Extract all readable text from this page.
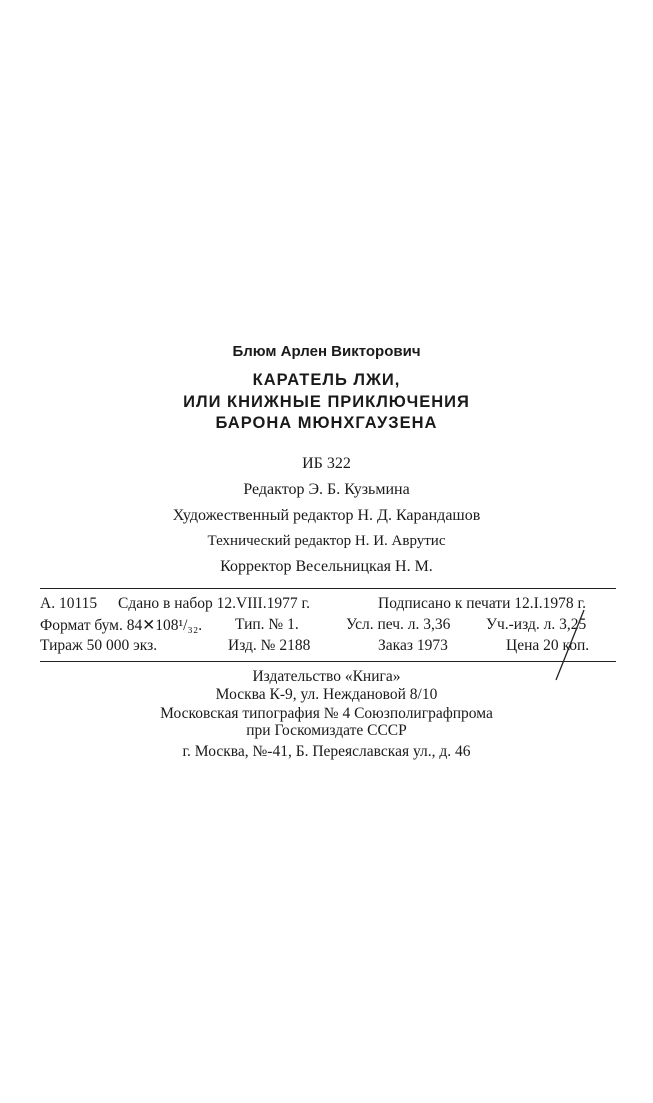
Блюм Арлен Викторович
КАРАТЕЛЬ ЛЖИ,
ИЛИ КНИЖНЫЕ ПРИКЛЮЧЕНИЯ
БАРОНА МЮНХГАУЗЕНА
ИБ 322
Редактор Э. Б. Кузьмина
Художественный редактор Н. Д. Карандашов
Технический редактор Н. И. Аврутис
Корректор Весельницкая Н. М.
А. 10115 Сдано в набор 12.VIII.1977 г.	Подписано к печати 12.I.1978 г.
Формат бум. 84✕108¹/₃₂. Тип. № 1.	Усл. печ. л. 3,36 Уч.-изд. л. 3,25
Тираж 50 000 экз.	Изд. № 2188	Заказ 1973	Цена 20 коп.
Издательство «Книга»
Москва К-9, ул. Неждановой 8/10
Московская типография № 4 Союзполиграфпрома
при Госкомиздате СССР
г. Москва, №-41, Б. Переяславская ул., д. 46
